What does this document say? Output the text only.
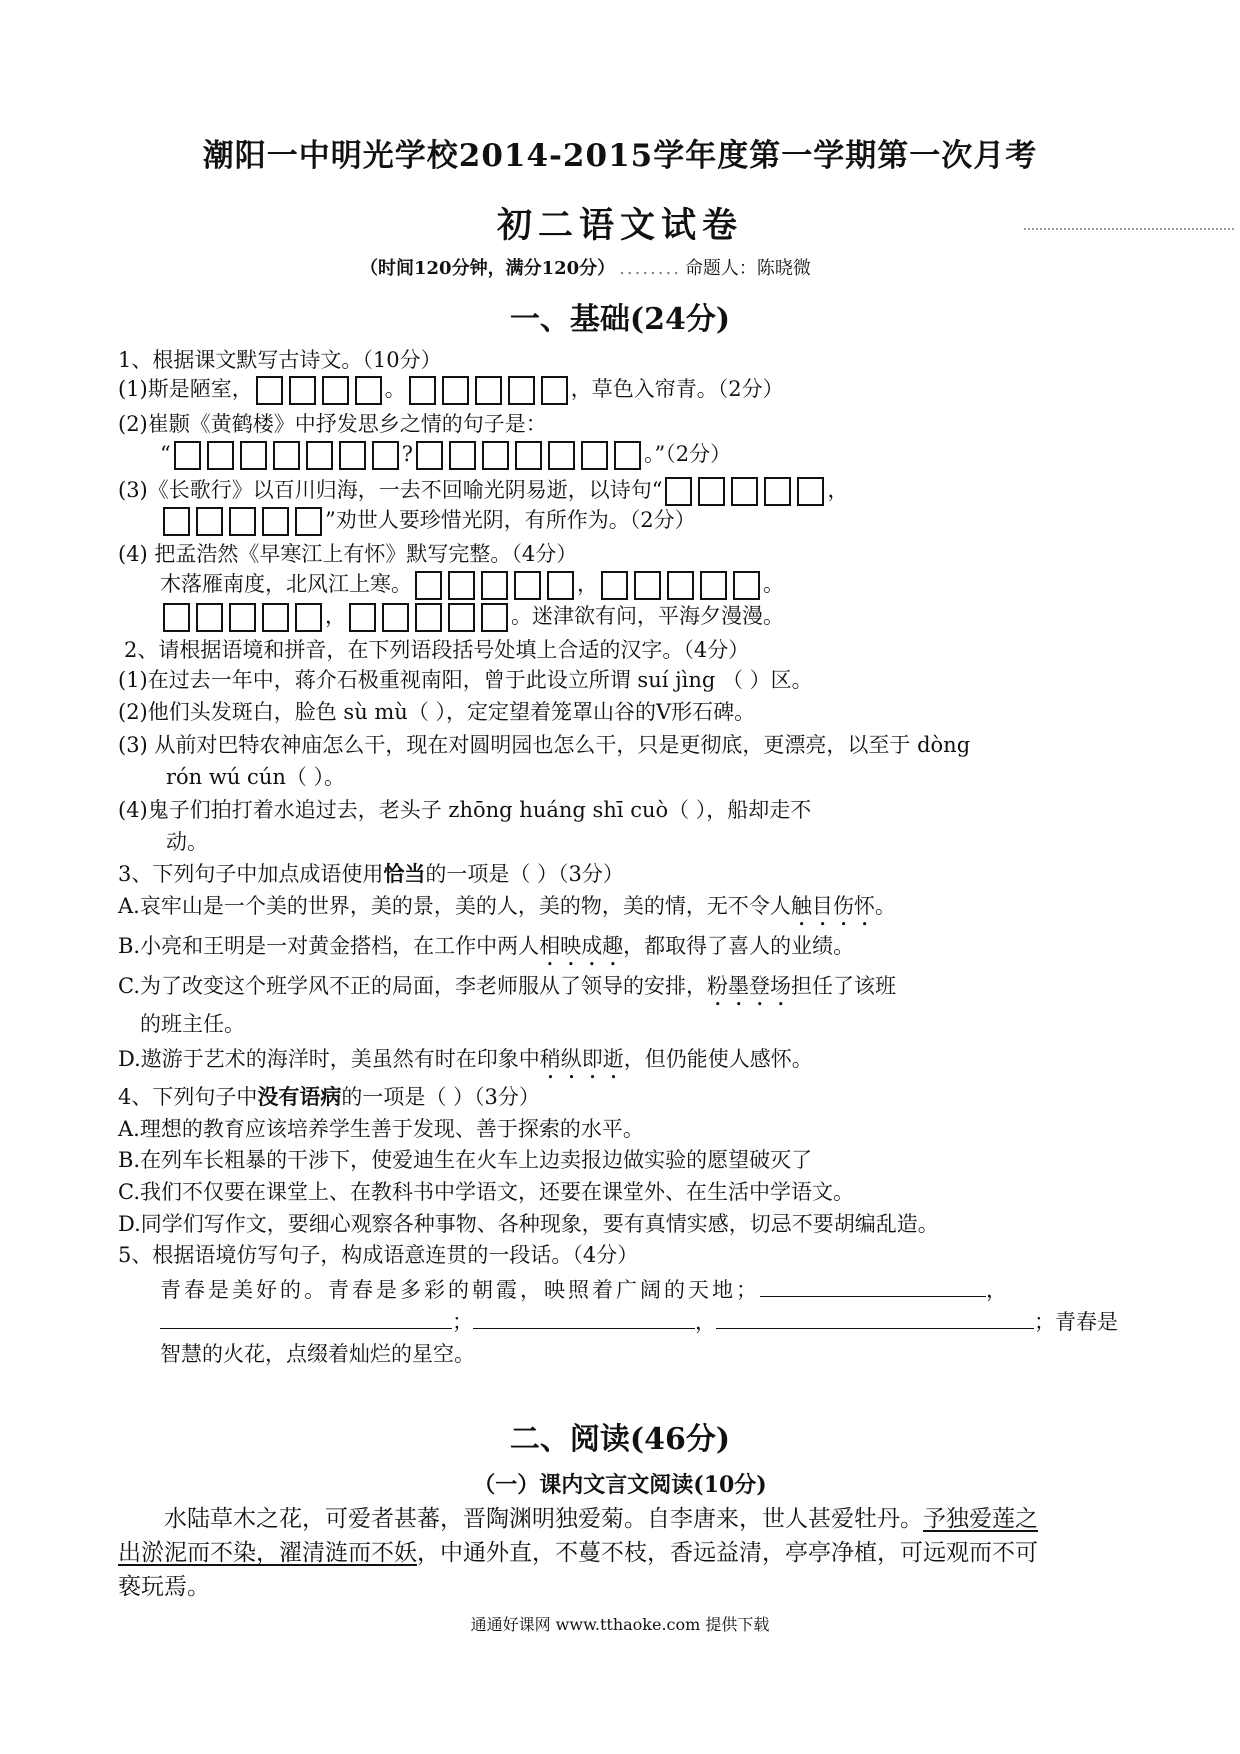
潮阳一中明光学校2014-2015学年度第一学期第一次月考
初二语文试卷
（时间120分钟，满分120分） ........ 命题人：陈晓微
一、基础(24分)
1、根据课文默写古诗文。（10分）
(1)斯是陋室，	。	，草色入帘青。（2分）
(2)崔颢《黄鹤楼》中抒发思乡之情的句子是：
“	?	。”（2分）
(3)《长歌行》以百川归海，一去不回喻光阴易逝，以诗句“	，
”劝世人要珍惜光阴，有所作为。（2分）
(4) 把孟浩然《早寒江上有怀》默写完整。（4分）
木落雁南度，北风江上寒。	，	。
，	。迷津欲有问，平海夕漫漫。
2、请根据语境和拼音，在下列语段括号处填上合适的汉字。（4分）
(1)在过去一年中，蒋介石极重视南阳，曾于此设立所谓 suí jìng （ ）区。
(2)他们头发斑白，脸色 sù mù（ ），定定望着笼罩山谷的V形石碑。
(3) 从前对巴特农神庙怎么干，现在对圆明园也怎么干，只是更彻底，更漂亮，以至于 dòng
rón wú cún（ ）。
(4)鬼子们拍打着水追过去，老头子 zhōng huáng shī cuò（ ），船却走不
动。
3、下列句子中加点成语使用恰当的一项是（ ）（3分）
A.哀牢山是一个美的世界，美的景，美的人，美的物，美的情，无不令人触目伤怀。
B.小亮和王明是一对黄金搭档，在工作中两人相映成趣，都取得了喜人的业绩。
C.为了改变这个班学风不正的局面，李老师服从了领导的安排，粉墨登场担任了该班
的班主任。
D.遨游于艺术的海洋时，美虽然有时在印象中稍纵即逝，但仍能使人感怀。
4、下列句子中没有语病的一项是（ ）（3分）
A.理想的教育应该培养学生善于发现、善于探索的水平。
B.在列车长粗暴的干涉下，使爱迪生在火车上边卖报边做实验的愿望破灭了
C.我们不仅要在课堂上、在教科书中学语文，还要在课堂外、在生活中学语文。
D.同学们写作文，要细心观察各种事物、各种现象，要有真情实感，切忌不要胡编乱造。
5、根据语境仿写句子，构成语意连贯的一段话。（4分）
青春是美好的。青春是多彩的朝霞，映照着广阔的天地；	，
；	，	；青春是
智慧的火花，点缀着灿烂的星空。
二、阅读(46分)
（一）课内文言文阅读(10分)
水陆草木之花，可爱者甚蕃，晋陶渊明独爱菊。自李唐来，世人甚爱牡丹。予独爱莲之
出淤泥而不染，濯清涟而不妖，中通外直，不蔓不枝，香远益清，亭亭净植，可远观而不可
亵玩焉。
通通好课网 www.tthaoke.com 提供下载
